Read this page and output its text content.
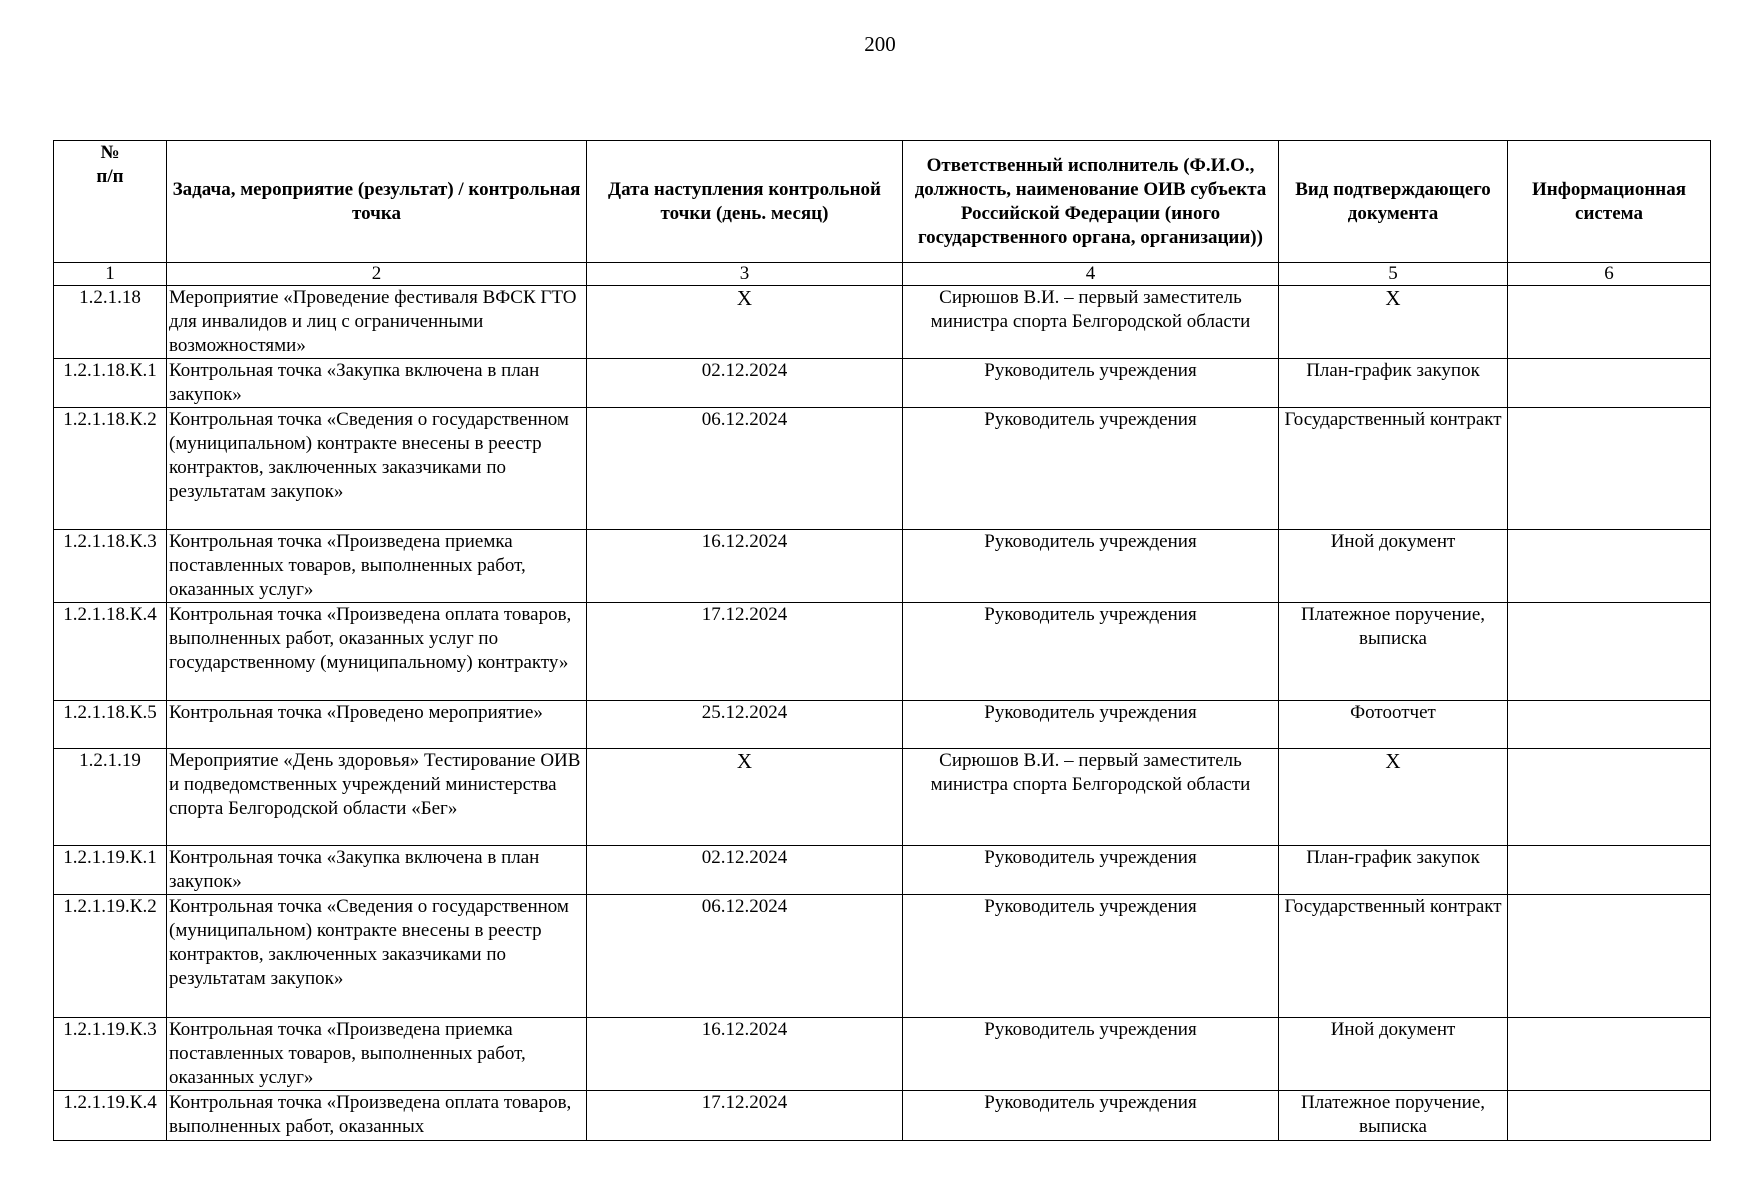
200
№
п/п	Задача, мероприятие (результат) / контрольная точка	Дата наступления контрольной точки (день. месяц)	Ответственный исполнитель (Ф.И.О., должность, наименование ОИВ субъекта Российской Федерации (иного государственного органа, организации))	Вид подтверждающего документа	Информационная система
1	2	3	4	5	6
1.2.1.18	Мероприятие «Проведение фестиваля ВФСК ГТО для инвалидов и лиц с ограниченными возможностями»	Х	Сирюшов В.И. – первый заместитель министра спорта Белгородской области	Х	
1.2.1.18.К.1	Контрольная точка «Закупка включена в план закупок»	02.12.2024	Руководитель учреждения	План-график закупок	
1.2.1.18.К.2	Контрольная точка «Сведения о государственном (муниципальном) контракте внесены в реестр контрактов, заключенных заказчиками по результатам закупок»	06.12.2024	Руководитель учреждения	Государственный контракт	
1.2.1.18.К.3	Контрольная точка «Произведена приемка поставленных товаров, выполненных работ, оказанных услуг»	16.12.2024	Руководитель учреждения	Иной документ	
1.2.1.18.К.4	Контрольная точка «Произведена оплата товаров, выполненных работ, оказанных услуг по государственному (муниципальному) контракту»	17.12.2024	Руководитель учреждения	Платежное поручение, выписка	
1.2.1.18.К.5	Контрольная точка «Проведено мероприятие»	25.12.2024	Руководитель учреждения	Фотоотчет	
1.2.1.19	Мероприятие «День здоровья» Тестирование ОИВ и подведомственных учреждений министерства спорта Белгородской области «Бег»	Х	Сирюшов В.И. – первый заместитель министра спорта Белгородской области	Х	
1.2.1.19.К.1	Контрольная точка «Закупка включена в план закупок»	02.12.2024	Руководитель учреждения	План-график закупок	
1.2.1.19.К.2	Контрольная точка «Сведения о государственном (муниципальном) контракте внесены в реестр контрактов, заключенных заказчиками по результатам закупок»	06.12.2024	Руководитель учреждения	Государственный контракт	
1.2.1.19.К.3	Контрольная точка «Произведена приемка поставленных товаров, выполненных работ, оказанных услуг»	16.12.2024	Руководитель учреждения	Иной документ	
1.2.1.19.К.4	Контрольная точка «Произведена оплата товаров, выполненных работ, оказанных	17.12.2024	Руководитель учреждения	Платежное поручение, выписка	
